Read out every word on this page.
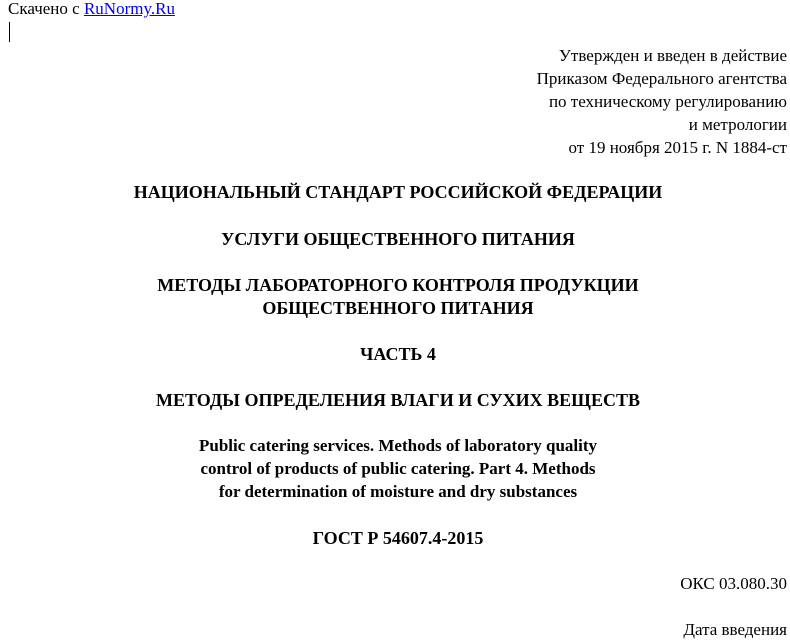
Скачено с RuNormy.Ru
Утвержден и введен в действие
Приказом Федерального агентства
по техническому регулированию
и метрологии
от 19 ноября 2015 г. N 1884-ст
НАЦИОНАЛЬНЫЙ СТАНДАРТ РОССИЙСКОЙ ФЕДЕРАЦИИ
УСЛУГИ ОБЩЕСТВЕННОГО ПИТАНИЯ
МЕТОДЫ ЛАБОРАТОРНОГО КОНТРОЛЯ ПРОДУКЦИИ
ОБЩЕСТВЕННОГО ПИТАНИЯ
ЧАСТЬ 4
МЕТОДЫ ОПРЕДЕЛЕНИЯ ВЛАГИ И СУХИХ ВЕЩЕСТВ
Public catering services. Methods of laboratory quality
control of products of public catering. Part 4. Methods
for determination of moisture and dry substances
ГОСТ Р 54607.4-2015
ОКС 03.080.30
Дата введения
